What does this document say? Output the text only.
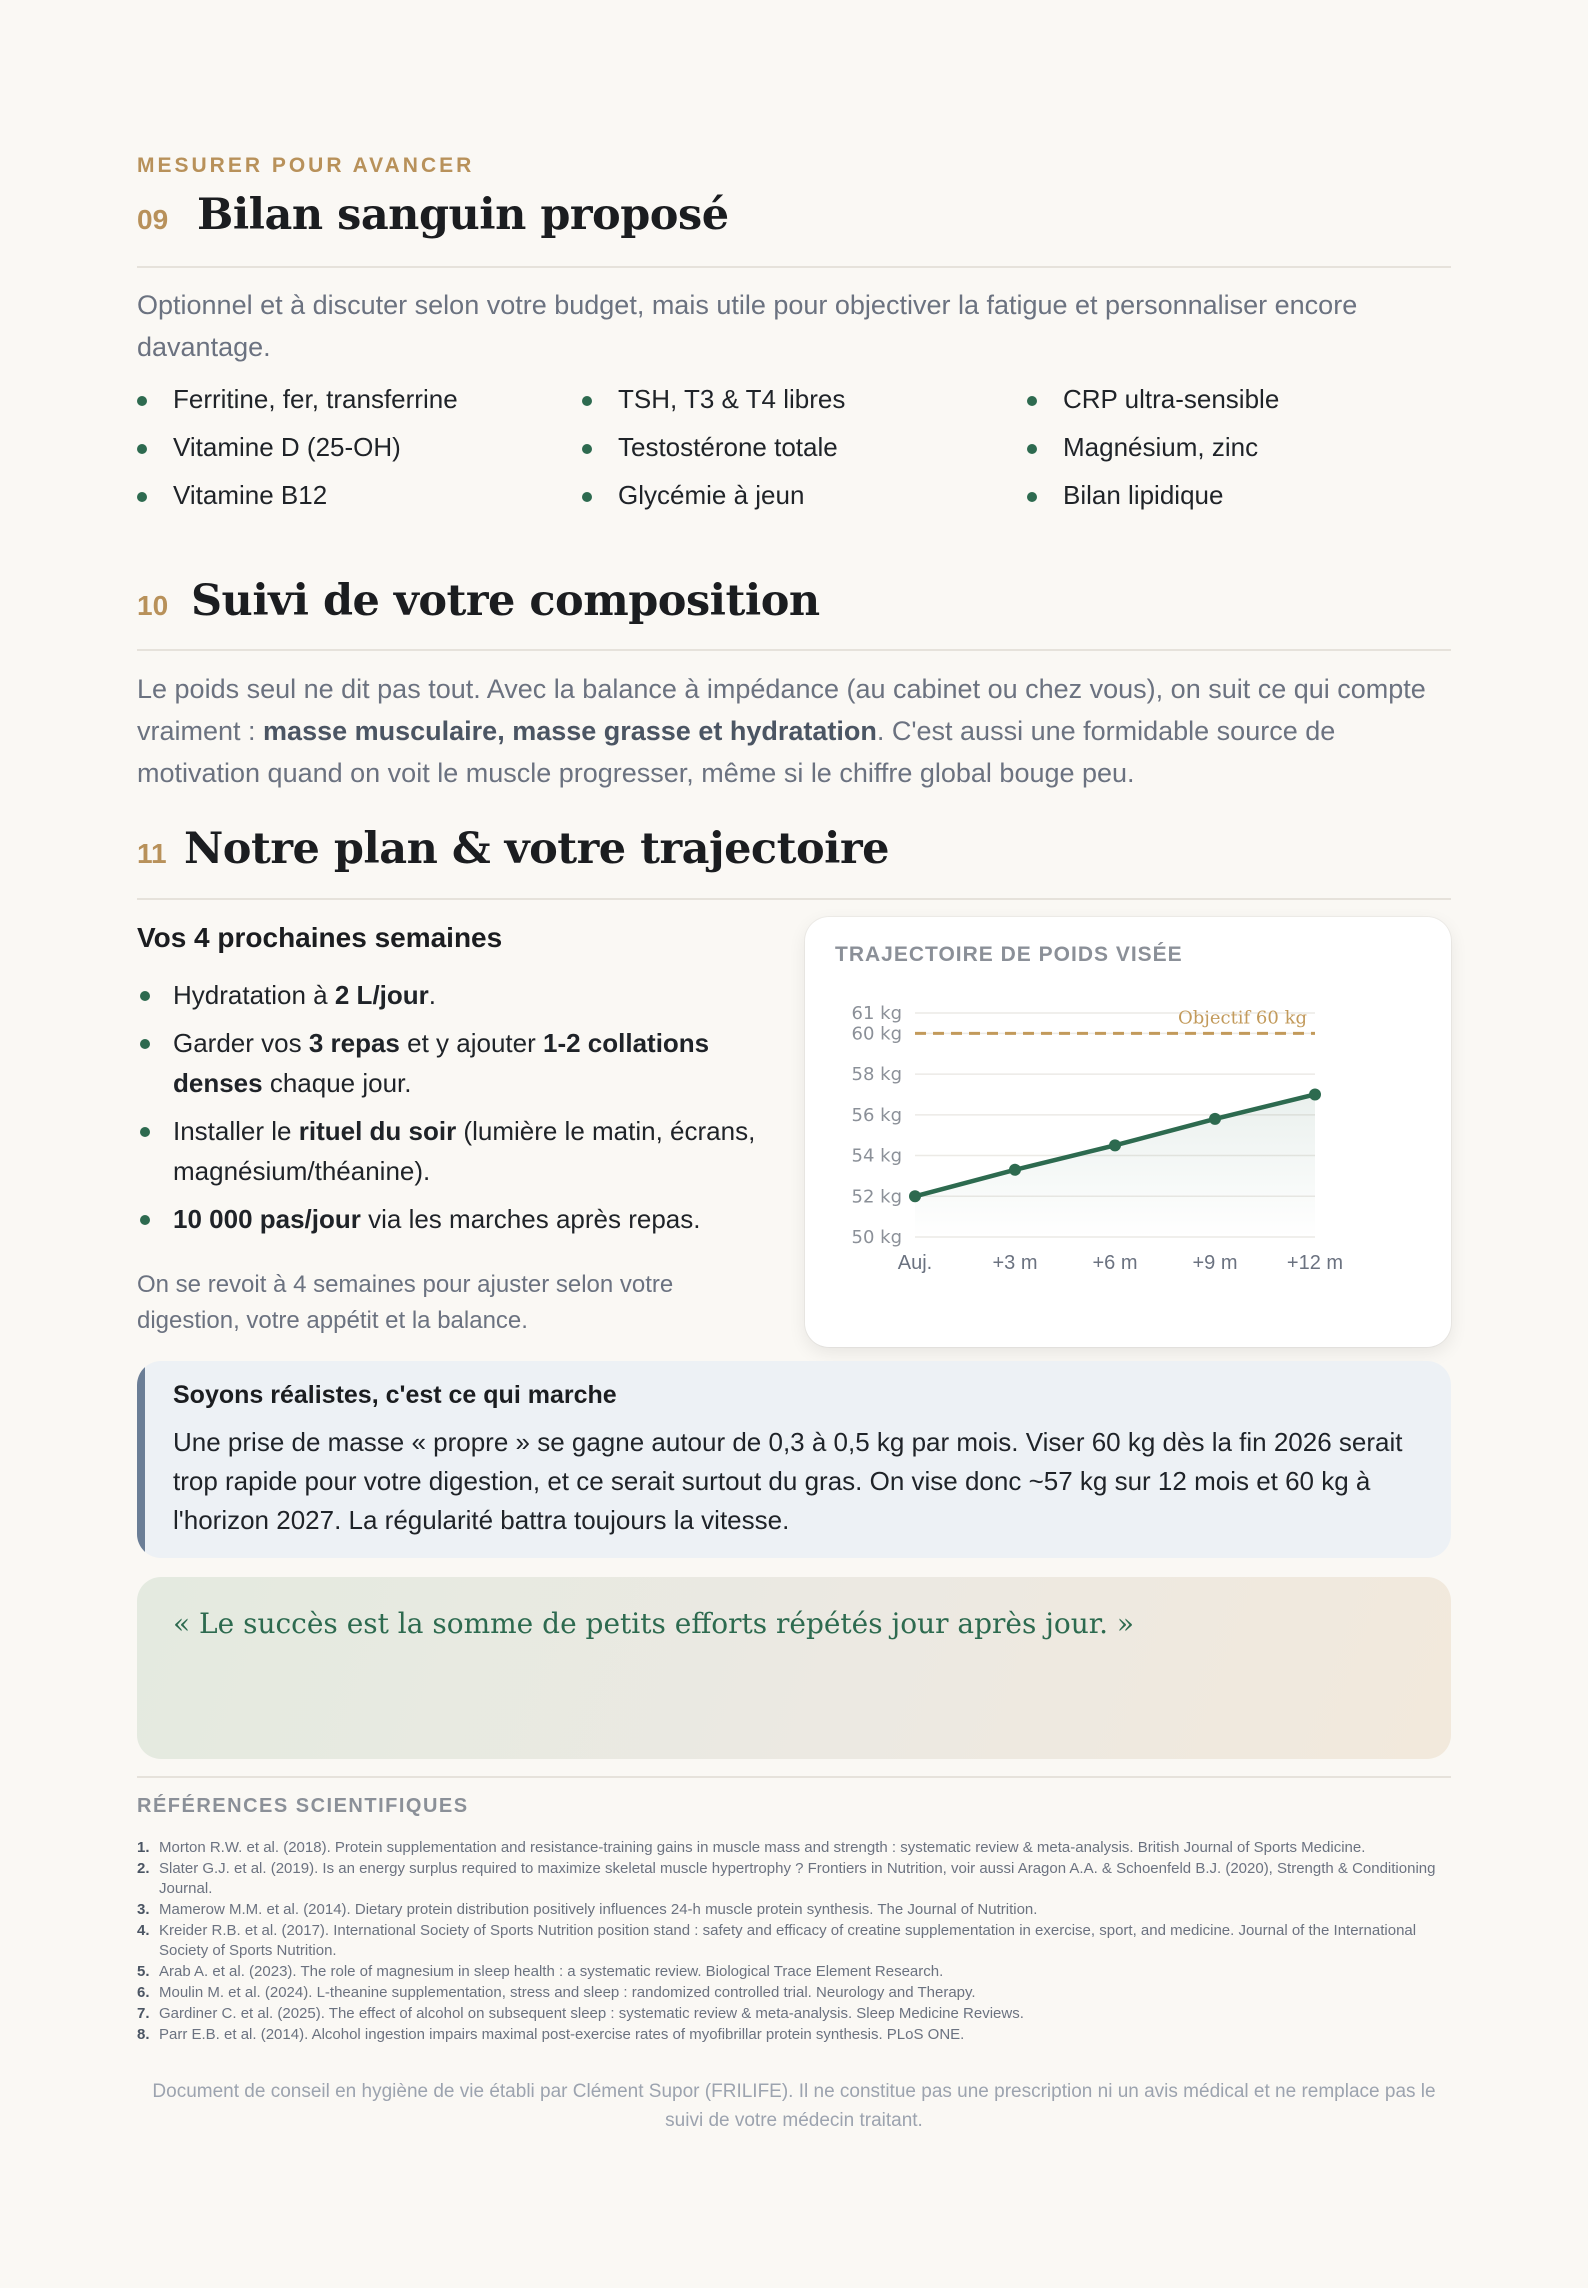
MESURER POUR AVANCER
09 Bilan sanguin proposé
Optionnel et à discuter selon votre budget, mais utile pour objectiver la fatigue et personnaliser encore davantage.
Ferritine, fer, transferrine
Vitamine D (25-OH)
Vitamine B12
TSH, T3 & T4 libres
Testostérone totale
Glycémie à jeun
CRP ultra-sensible
Magnésium, zinc
Bilan lipidique
10 Suivi de votre composition
Le poids seul ne dit pas tout. Avec la balance à impédance (au cabinet ou chez vous), on suit ce qui compte vraiment : masse musculaire, masse grasse et hydratation. C'est aussi une formidable source de motivation quand on voit le muscle progresser, même si le chiffre global bouge peu.
11 Notre plan & votre trajectoire
Vos 4 prochaines semaines
Hydratation à 2 L/jour.
Garder vos 3 repas et y ajouter 1-2 collations denses chaque jour.
Installer le rituel du soir (lumière le matin, écrans, magnésium/théanine).
10 000 pas/jour via les marches après repas.
On se revoit à 4 semaines pour ajuster selon votre digestion, votre appétit et la balance.
TRAJECTOIRE DE POIDS VISÉE
50 kg
52 kg
54 kg
56 kg
58 kg
60 kg
61 kg	Objectif 60 kg
Auj.	+3 m	+6 m	+9 m +12 m
Soyons réalistes, c'est ce qui marche
Une prise de masse « propre » se gagne autour de 0,3 à 0,5 kg par mois. Viser 60 kg dès la fin 2026 serait trop rapide pour votre digestion, et ce serait surtout du gras. On vise donc ~57 kg sur 12 mois et 60 kg à l'horizon 2027. La régularité battra toujours la vitesse.
« Le succès est la somme de petits efforts répétés jour après jour. »
RÉFÉRENCES SCIENTIFIQUES
1. Morton R.W. et al. (2018). Protein supplementation and resistance-training gains in muscle mass and strength : systematic review & meta-analysis. British Journal of Sports Medicine.
2. Slater G.J. et al. (2019). Is an energy surplus required to maximize skeletal muscle hypertrophy ? Frontiers in Nutrition, voir aussi Aragon A.A. & Schoenfeld B.J. (2020), Strength & Conditioning Journal.
3. Mamerow M.M. et al. (2014). Dietary protein distribution positively influences 24-h muscle protein synthesis. The Journal of Nutrition.
4. Kreider R.B. et al. (2017). International Society of Sports Nutrition position stand : safety and efficacy of creatine supplementation in exercise, sport, and medicine. Journal of the International Society of Sports Nutrition.
5. Arab A. et al. (2023). The role of magnesium in sleep health : a systematic review. Biological Trace Element Research.
6. Moulin M. et al. (2024). L-theanine supplementation, stress and sleep : randomized controlled trial. Neurology and Therapy.
7. Gardiner C. et al. (2025). The effect of alcohol on subsequent sleep : systematic review & meta-analysis. Sleep Medicine Reviews.
8. Parr E.B. et al. (2014). Alcohol ingestion impairs maximal post-exercise rates of myofibrillar protein synthesis. PLoS ONE.
Document de conseil en hygiène de vie établi par Clément Supor (FRILIFE). Il ne constitue pas une prescription ni un avis médical et ne remplace pas le suivi de votre médecin traitant.
